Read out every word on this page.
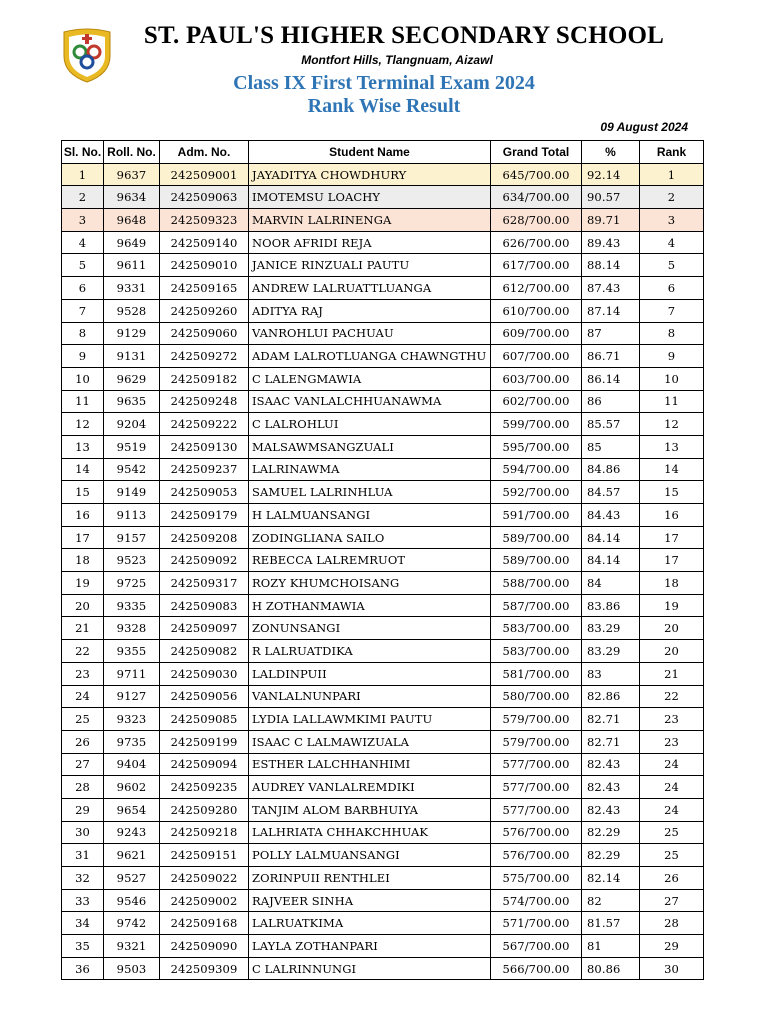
ST. PAUL'S HIGHER SECONDARY SCHOOL
Montfort Hills, Tlangnuam, Aizawl
Class IX First Terminal Exam 2024
Rank Wise Result
09 August 2024
Sl. No.	Roll. No.	Adm. No.	Student Name	Grand Total	%	Rank
1	9637	242509001	JAYADITYA CHOWDHURY	645/700.00	92.14	1
2	9634	242509063	IMOTEMSU LOACHY	634/700.00	90.57	2
3	9648	242509323	MARVIN LALRINENGA	628/700.00	89.71	3
4	9649	242509140	NOOR AFRIDI REJA	626/700.00	89.43	4
5	9611	242509010	JANICE RINZUALI PAUTU	617/700.00	88.14	5
6	9331	242509165	ANDREW LALRUATTLUANGA	612/700.00	87.43	6
7	9528	242509260	ADITYA RAJ	610/700.00	87.14	7
8	9129	242509060	VANROHLUI PACHUAU	609/700.00	87	8
9	9131	242509272	ADAM LALROTLUANGA CHAWNGTHU	607/700.00	86.71	9
10	9629	242509182	C LALENGMAWIA	603/700.00	86.14	10
11	9635	242509248	ISAAC VANLALCHHUANAWMA	602/700.00	86	11
12	9204	242509222	C LALROHLUI	599/700.00	85.57	12
13	9519	242509130	MALSAWMSANGZUALI	595/700.00	85	13
14	9542	242509237	LALRINAWMA	594/700.00	84.86	14
15	9149	242509053	SAMUEL LALRINHLUA	592/700.00	84.57	15
16	9113	242509179	H LALMUANSANGI	591/700.00	84.43	16
17	9157	242509208	ZODINGLIANA SAILO	589/700.00	84.14	17
18	9523	242509092	REBECCA LALREMRUOT	589/700.00	84.14	17
19	9725	242509317	ROZY KHUMCHOISANG	588/700.00	84	18
20	9335	242509083	H ZOTHANMAWIA	587/700.00	83.86	19
21	9328	242509097	ZONUNSANGI	583/700.00	83.29	20
22	9355	242509082	R LALRUATDIKA	583/700.00	83.29	20
23	9711	242509030	LALDINPUII	581/700.00	83	21
24	9127	242509056	VANLALNUNPARI	580/700.00	82.86	22
25	9323	242509085	LYDIA LALLAWMKIMI PAUTU	579/700.00	82.71	23
26	9735	242509199	ISAAC C LALMAWIZUALA	579/700.00	82.71	23
27	9404	242509094	ESTHER LALCHHANHIMI	577/700.00	82.43	24
28	9602	242509235	AUDREY VANLALREMDIKI	577/700.00	82.43	24
29	9654	242509280	TANJIM ALOM BARBHUIYA	577/700.00	82.43	24
30	9243	242509218	LALHRIATA CHHAKCHHUAK	576/700.00	82.29	25
31	9621	242509151	POLLY LALMUANSANGI	576/700.00	82.29	25
32	9527	242509022	ZORINPUII RENTHLEI	575/700.00	82.14	26
33	9546	242509002	RAJVEER SINHA	574/700.00	82	27
34	9742	242509168	LALRUATKIMA	571/700.00	81.57	28
35	9321	242509090	LAYLA ZOTHANPARI	567/700.00	81	29
36	9503	242509309	C LALRINNUNGI	566/700.00	80.86	30
